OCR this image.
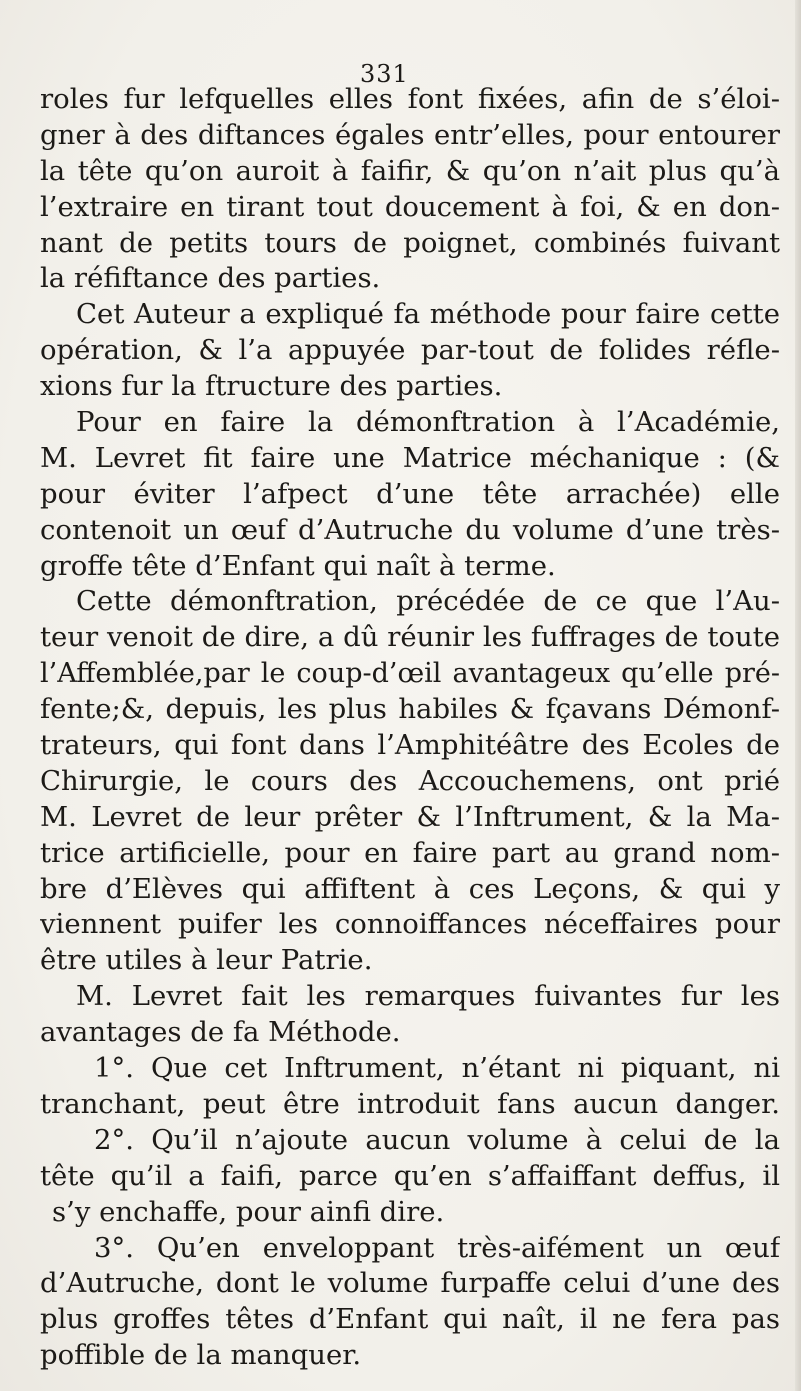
331
roles fur lefquelles elles font fixées, afin de s’éloi-
gner à des diftances égales entr’elles, pour entourer
la tête qu’on auroit à faifir, & qu’on n’ait plus qu’à
l’extraire en tirant tout doucement à foi, & en don-
nant de petits tours de poignet, combinés fuivant
la réfiftance des parties.
Cet Auteur a expliqué fa méthode pour faire cette
opération, & l’a appuyée par-tout de folides réfle-
xions fur la ftructure des parties.
Pour en faire la démonftration à l’Académie,
M. Levret fit faire une Matrice méchanique : (&
pour éviter l’afpect d’une tête arrachée) elle
contenoit un œuf d’Autruche du volume d’une très-
groffe tête d’Enfant qui naît à terme.
Cette démonftration, précédée de ce que l’Au-
teur venoit de dire, a dû réunir les fuffrages de toute
l’Affemblée,par le coup-d’œil avantageux qu’elle pré-
fente;&, depuis, les plus habiles & fçavans Démonf-
trateurs, qui font dans l’Amphitéâtre des Ecoles de
Chirurgie, le cours des Accouchemens, ont prié
M. Levret de leur prêter & l’Inftrument, & la Ma-
trice artificielle, pour en faire part au grand nom-
bre d’Elèves qui affiftent à ces Leçons, & qui y
viennent puifer les connoiffances néceffaires pour
être utiles à leur Patrie.
M. Levret fait les remarques fuivantes fur les
avantages de fa Méthode.
1°. Que cet Inftrument, n’étant ni piquant, ni
tranchant, peut être introduit fans aucun danger.
2°. Qu’il n’ajoute aucun volume à celui de la
tête qu’il a faifi, parce qu’en s’affaiffant deffus, il
s’y enchaffe, pour ainfi dire.
3°. Qu’en enveloppant très-aifément un œuf
d’Autruche, dont le volume furpaffe celui d’une des
plus groffes têtes d’Enfant qui naît, il ne fera pas
poffible de la manquer.
